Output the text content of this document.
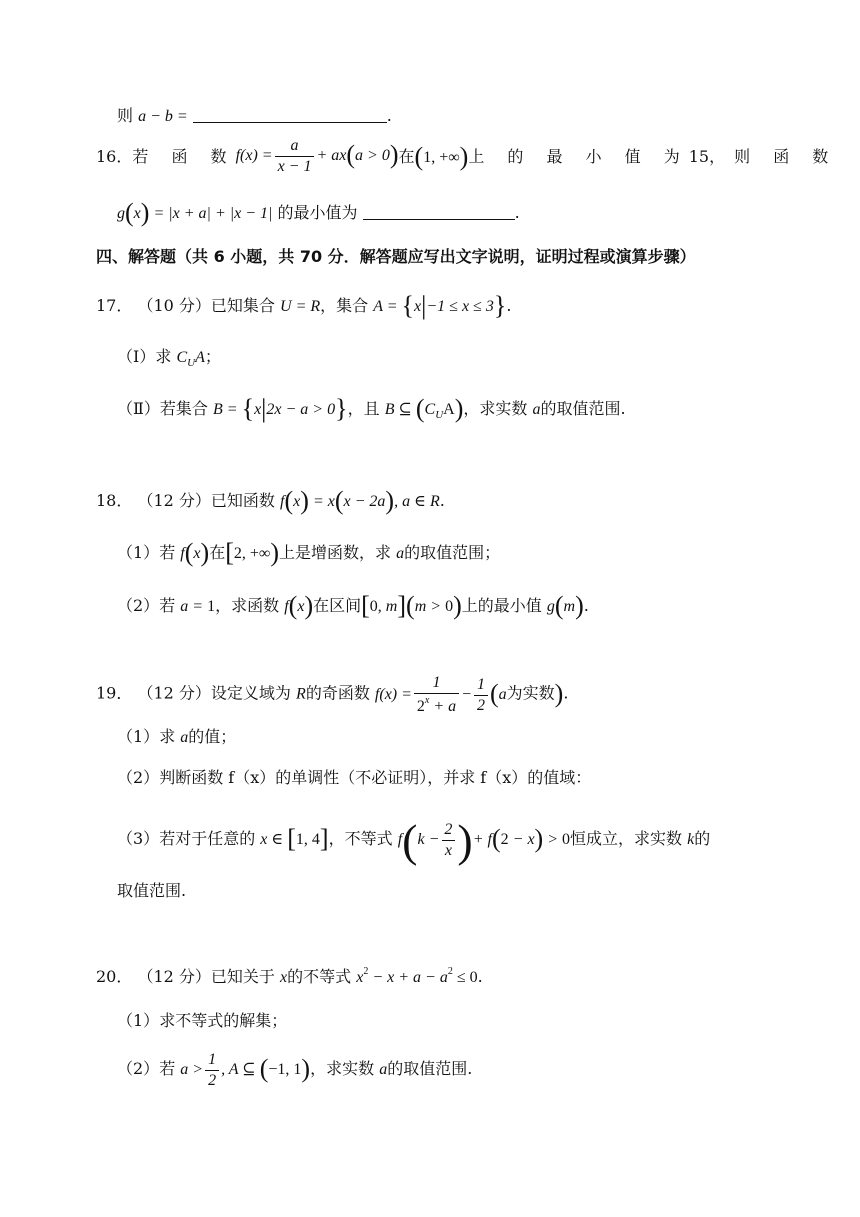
则 a − b =	.
16． 若 函 数 $f(x) = \frac{a}{x - 1} + ax(a > 0)$ 在 (1, +∞) 上 的 最 小 值 为 15 ，则 函 数
g(x) = |x + a| + |x − 1| 的最小值为	.
四、解答题（共 6 小题，共 70 分．解答题应写出文字说明，证明过程或演算步骤）
17． （10 分）已知集合 U = R，集合 A = {x|−1 ≤ x ≤ 3}.
（Ⅰ）求 $C_UA$；
（Ⅱ）若集合 B = {x|2x − a > 0}，且 B ⊆ $(C_UA)$，求实数 a的取值范围.
18． （12 分）已知函数 f(x) = x(x − 2a), a ∈ R.
（1）若 f(x)在[2, +∞)上是增函数，求 a的取值范围；
（2）若 a = 1，求函数 f(x)在区间[0, m](m > 0)上的最小值 g(m).
19． （12 分）设定义域为 R的奇函数 $f(x) = \frac{1}{2^x + a} - \frac{1}{2} (a$为实数).
（1）求 a的值；
（2）判断函数 f（x）的单调性（不必证明），并求 f（x）的值域：
（3）若对于任意的 x ∈ [1, 4]，不等式 $f(k - \frac{2}{x}$ )+ f(2 − x) > 0恒成立，求实数 k的
取值范围.
20． （12 分）已知关于 x的不等式 $x^2 - x + a - a^2 \le 0$.
（1）求不等式的解集；
（2）若 $a > \frac{1}{2}$ , A ⊆ (−1, 1)，求实数 a的取值范围.
